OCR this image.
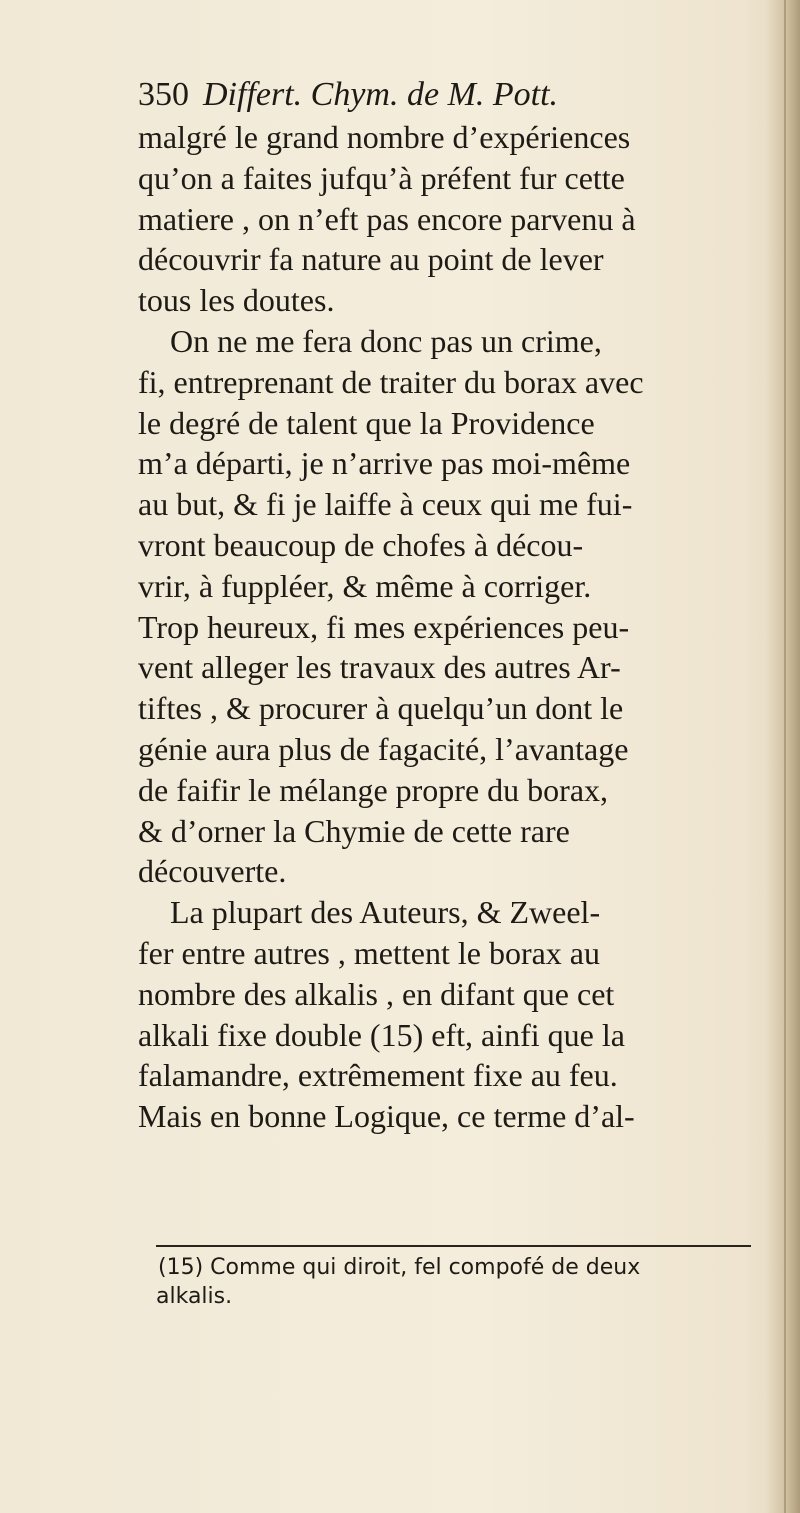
350 Differt. Chym. de M. Pott.
malgré le grand nombre d’expériences
qu’on a faites jufqu’à préfent fur cette
matiere , on n’eft pas encore parvenu à
découvrir fa nature au point de lever
tous les doutes.
On ne me fera donc pas un crime,
fi, entreprenant de traiter du borax avec
le degré de talent que la Providence
m’a départi, je n’arrive pas moi-même
au but, & fi je laiffe à ceux qui me fui-
vront beaucoup de chofes à décou-
vrir, à fuppléer, & même à corriger.
Trop heureux, fi mes expériences peu-
vent alleger les travaux des autres Ar-
tiftes , & procurer à quelqu’un dont le
génie aura plus de fagacité, l’avantage
de faifir le mélange propre du borax,
& d’orner la Chymie de cette rare
découverte.
La plupart des Auteurs, & Zweel-
fer entre autres , mettent le borax au
nombre des alkalis , en difant que cet
alkali fixe double (15) eft, ainfi que la
falamandre, extrêmement fixe au feu.
Mais en bonne Logique, ce terme d’al-
(15) Comme qui diroit, fel compofé de deux
alkalis.
